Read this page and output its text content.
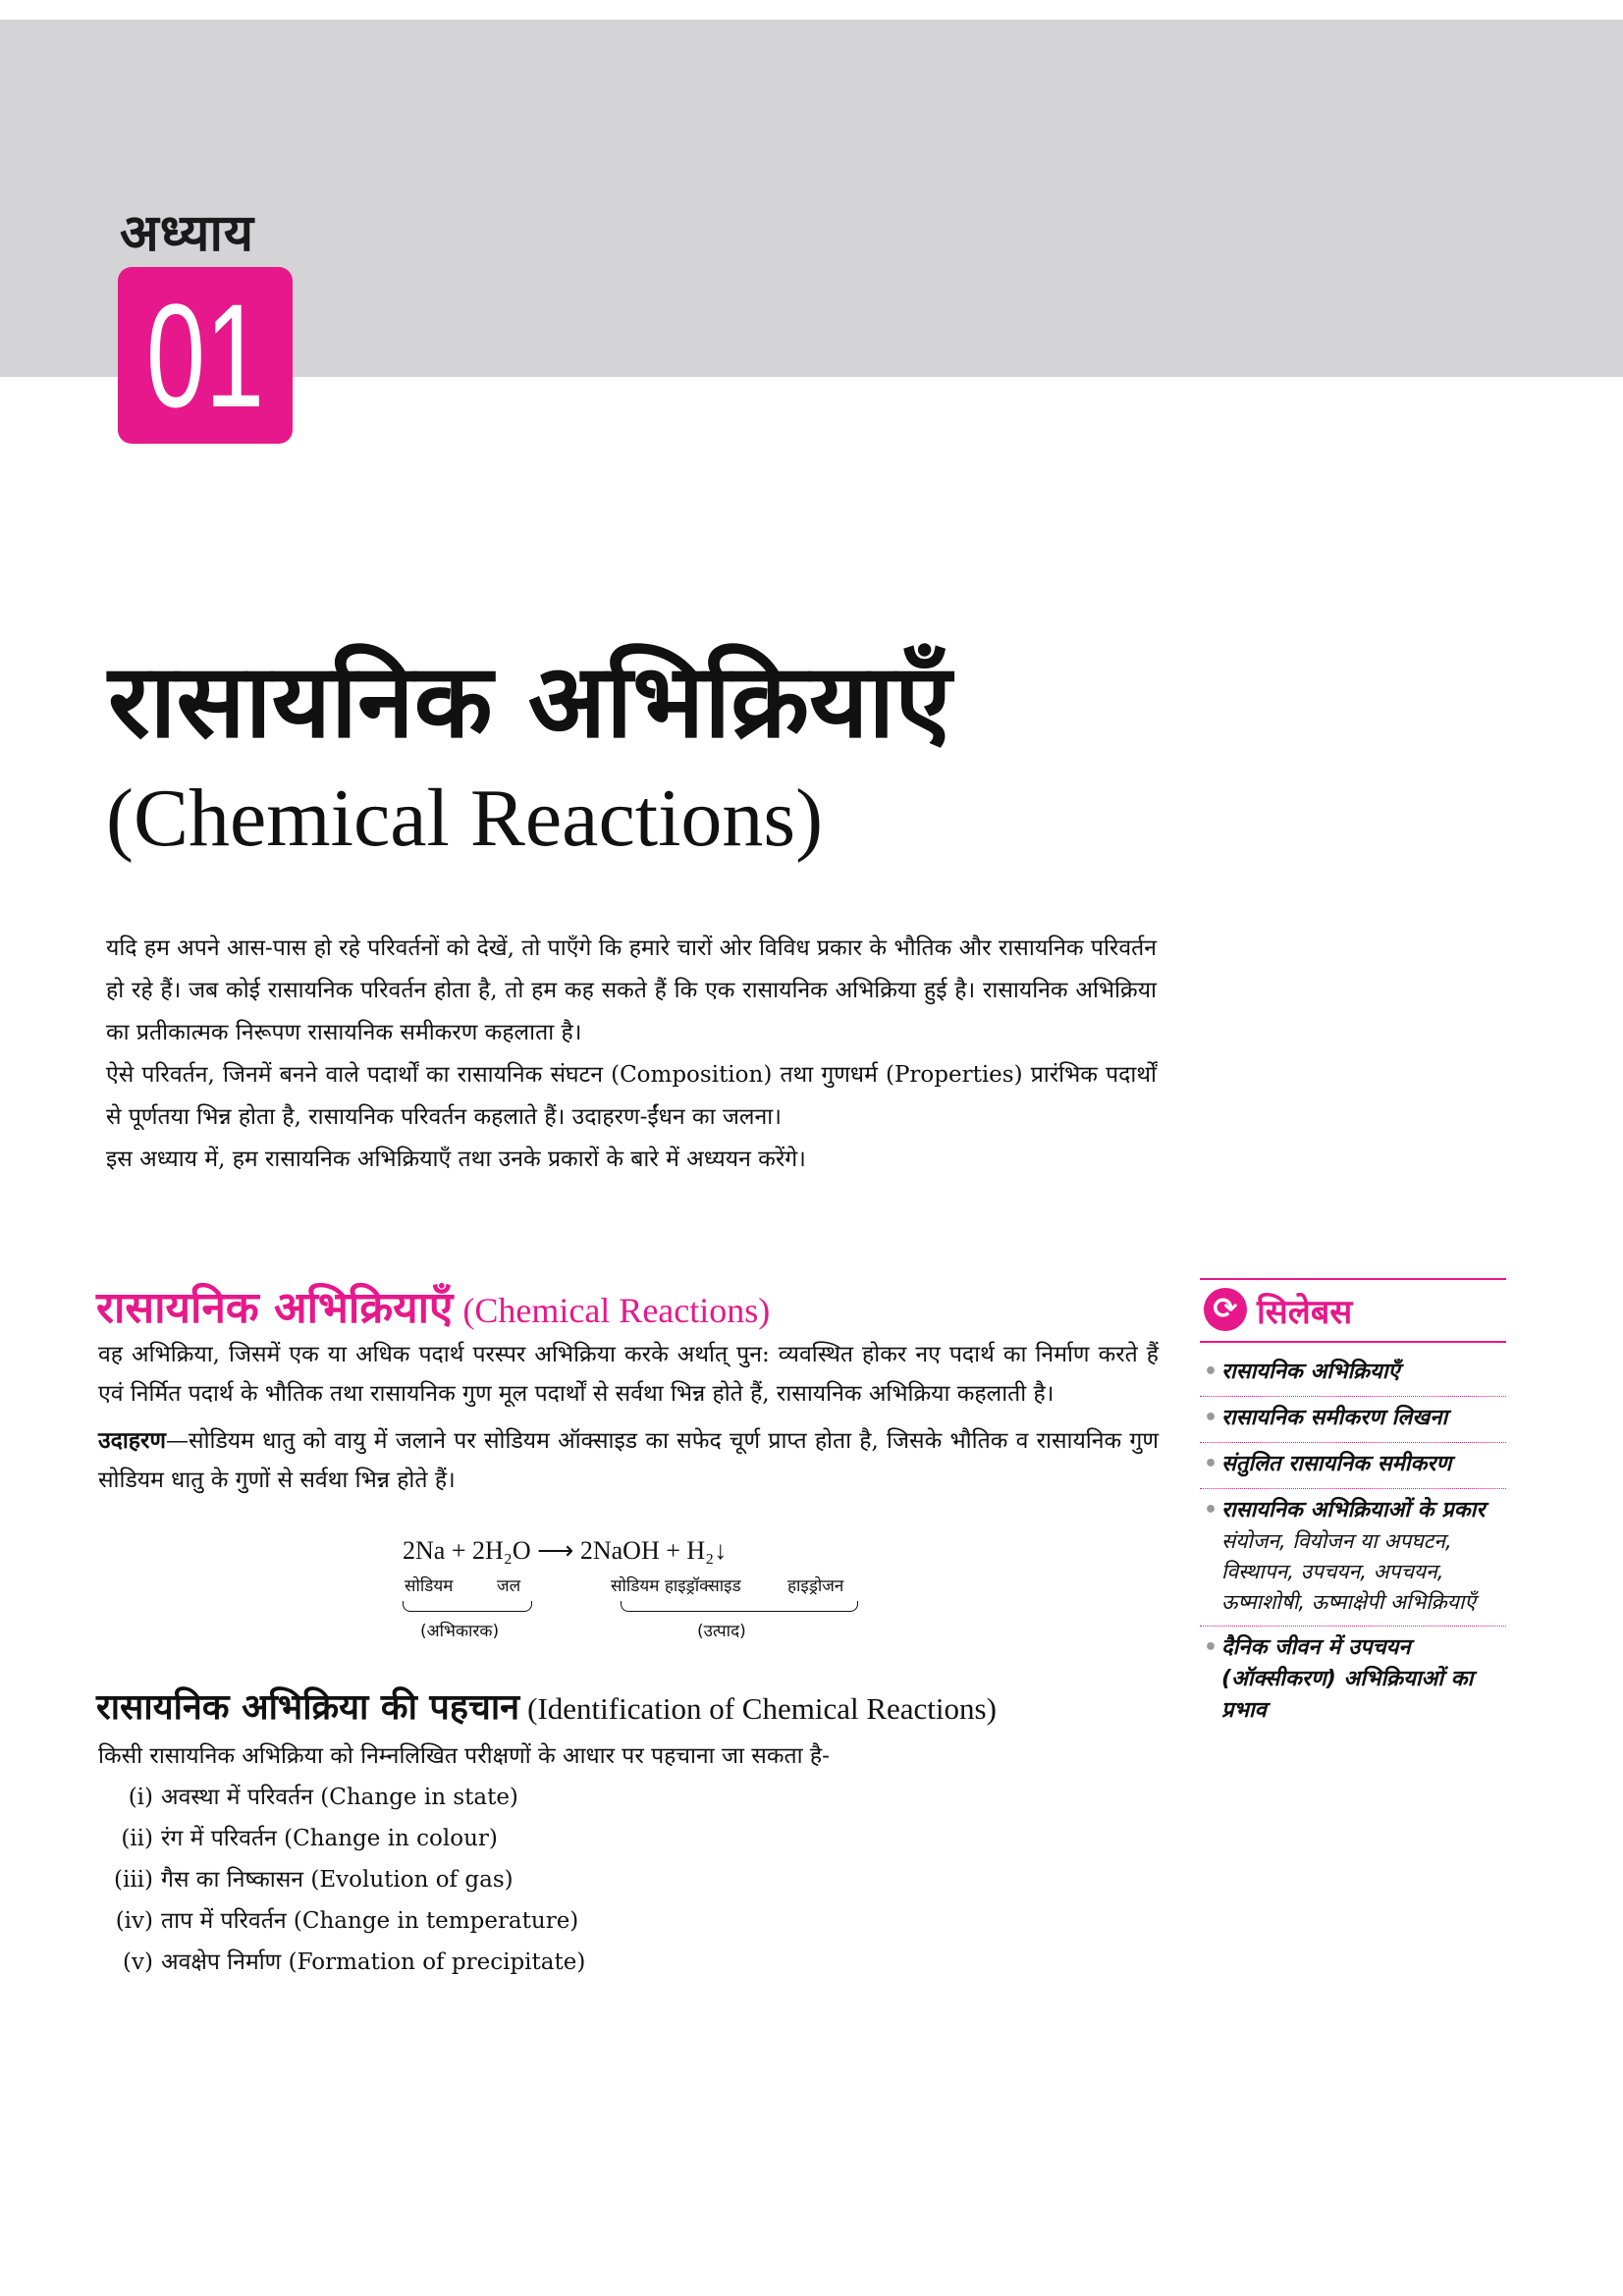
अध्याय
01
रासायनिक अभिक्रियाएँ
(Chemical Reactions)

यदि हम अपने आस-पास हो रहे परिवर्तनों को देखें, तो पाएँगे कि हमारे चारों ओर विविध प्रकार के भौतिक और रासायनिक परिवर्तन हो रहे हैं। जब कोई रासायनिक परिवर्तन होता है, तो हम कह सकते हैं कि एक रासायनिक अभिक्रिया हुई है। रासायनिक अभिक्रिया का प्रतीकात्मक निरूपण रासायनिक समीकरण कहलाता है।

ऐसे परिवर्तन, जिनमें बनने वाले पदार्थों का रासायनिक संघटन (Composition) तथा गुणधर्म (Properties) प्रारंभिक पदार्थों से पूर्णतया भिन्न होता है, रासायनिक परिवर्तन कहलाते हैं। उदाहरण-ईंधन का जलना।

इस अध्याय में, हम रासायनिक अभिक्रियाएँ तथा उनके प्रकारों के बारे में अध्ययन करेंगे।

रासायनिक अभिक्रियाएँ (Chemical Reactions)

वह अभिक्रिया, जिसमें एक या अधिक पदार्थ परस्पर अभिक्रिया करके अर्थात् पुन: व्यवस्थित होकर नए पदार्थ का निर्माण करते हैं एवं निर्मित पदार्थ के भौतिक तथा रासायनिक गुण मूल पदार्थों से सर्वथा भिन्न होते हैं, रासायनिक अभिक्रिया कहलाती है।

उदाहरण—सोडियम धातु को वायु में जलाने पर सोडियम ऑक्साइड का सफेद चूर्ण प्राप्त होता है, जिसके भौतिक व रासायनिक गुण सोडियम धातु के गुणों से सर्वथा भिन्न होते हैं।

2Na + 2H₂O ⟶ 2NaOH + H₂↓
सोडियम	जल	सोडियम हाइड्रॉक्साइड	हाइड्रोजन
(अभिकारक)	(उत्पाद)
रासायनिक अभिक्रिया की पहचान (Identification of Chemical Reactions)

किसी रासायनिक अभिक्रिया को निम्नलिखित परीक्षणों के आधार पर पहचाना जा सकता है-

(i) अवस्था में परिवर्तन (Change in state)
(ii) रंग में परिवर्तन (Change in colour)
(iii) गैस का निष्कासन (Evolution of gas)
(iv) ताप में परिवर्तन (Change in temperature)
(v) अवक्षेप निर्माण (Formation of precipitate)
⟳ सिलेबस
• रासायनिक अभिक्रियाएँ
• रासायनिक समीकरण लिखना
• संतुलित रासायनिक समीकरण
• रासायनिक अभिक्रियाओं के प्रकार
संयोजन, वियोजन या अपघटन, विस्थापन, उपचयन, अपचयन, ऊष्माशोषी, ऊष्माक्षेपी अभिक्रियाएँ
• दैनिक जीवन में उपचयन (ऑक्सीकरण) अभिक्रियाओं का प्रभाव
